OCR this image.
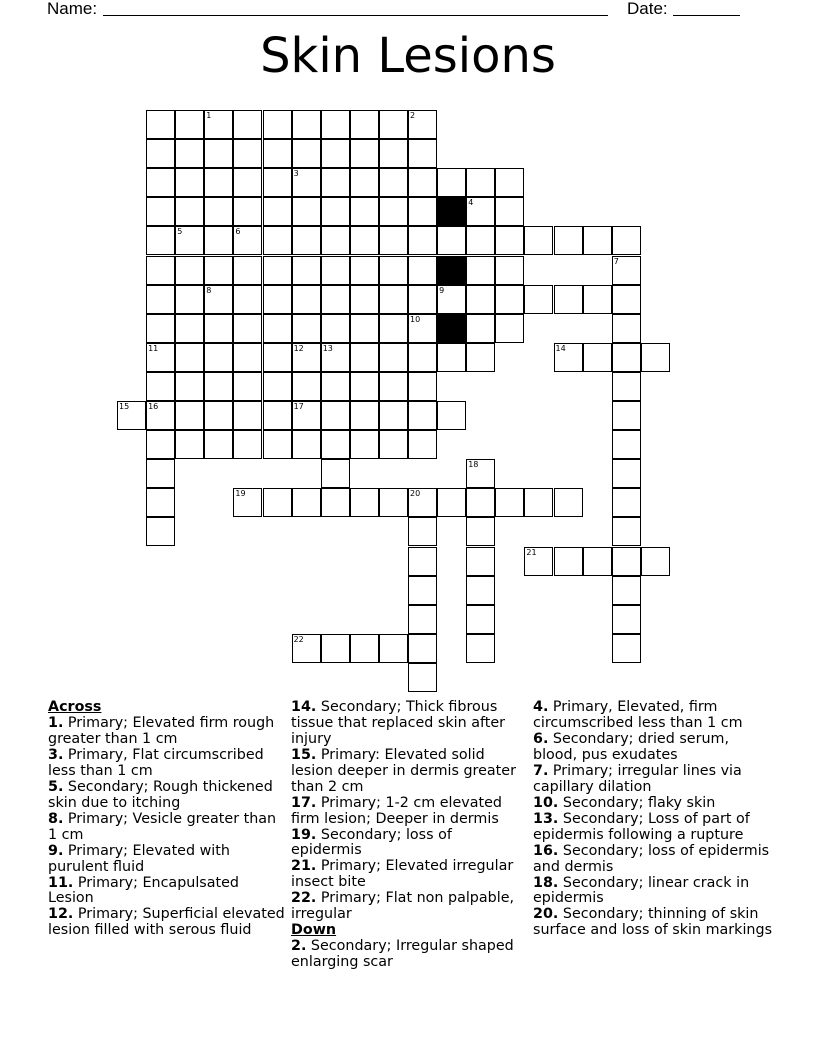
Name:	Date:
Skin Lesions
1
3
5	6
8	9
11	12 13	14
15 16	17
19	20
21
22
2
10
4
7
18
Across
1. Primary; Elevated firm rough greater than 1 cm
3. Primary, Flat circumscribed less than 1 cm
5. Secondary; Rough thickened skin due to itching
8. Primary; Vesicle greater than 1 cm
9. Primary; Elevated with purulent fluid
11. Primary; Encapulsated Lesion
12. Primary; Superficial elevated lesion filled with serous fluid
14. Secondary; Thick fibrous tissue that replaced skin after injury
15. Primary: Elevated solid lesion deeper in dermis greater than 2 cm
17. Primary; 1-2 cm elevated firm lesion; Deeper in dermis
19. Secondary; loss of epidermis
21. Primary; Elevated irregular insect bite
22. Primary; Flat non palpable, irregular
Down
2. Secondary; Irregular shaped enlarging scar
4. Primary, Elevated, firm circumscribed less than 1 cm
6. Secondary; dried serum, blood, pus exudates
7. Primary; irregular lines via capillary dilation
10. Secondary; flaky skin
13. Secondary; Loss of part of epidermis following a rupture
16. Secondary; loss of epidermis and dermis
18. Secondary; linear crack in epidermis
20. Secondary; thinning of skin surface and loss of skin markings
